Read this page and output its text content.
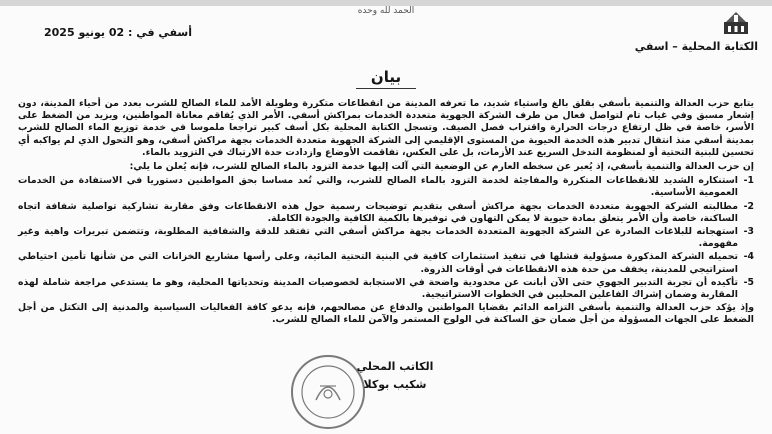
الحمد لله وحده
الكتابة المحلية – اسفي
أسفي في : 02 يونيو 2025
بيان

يتابع حزب العدالة والتنمية بأسفي بقلق بالغ واستياء شديد، ما تعرفه المدينة من انقطاعات متكررة وطويلة الأمد للماء الصالح للشرب بعدد من أحياء المدينة، دون إشعار مسبق وفي غياب تام لتواصل فعال من طرف الشركة الجهوية متعددة الخدمات بمراكش أسفي. الأمر الذي يُفاقم معاناة المواطنين، ويزيد من الضغط على الأسر، خاصة في ظل ارتفاع درجات الحرارة واقتراب فصل الصيف. وتسجل الكتابة المحلية بكل أسف كبير تراجعا ملموسا في خدمة توزيع الماء الصالح للشرب بمدينة أسفي منذ انتقال تدبير هذه الخدمة الحيوية من المستوى الإقليمي إلى الشركة الجهوية متعددة الخدمات بجهة مراكش أسفي، وهو التحول الذي لم يواكبه أي تحسين للبنية التحتية أو لمنظومة التدخل السريع عند الأزمات، بل على العكس، تفاقمت الأوضاع وازدادت حدة الارتباك في التزويد بالماء.

إن حزب العدالة والتنمية بأسفي، إذ يُعبر عن سخطه العارم عن الوضعية التي آلت إليها خدمة التزود بالماء الصالح للشرب، فإنه يُعلن ما يلي:

1-
استنكاره الشديد للانقطاعات المتكررة والمفاجئة لخدمة التزود بالماء الصالح للشرب، والتي تُعد مساسا بحق المواطنين دستوريا في الاستفادة من الخدمات العمومية الأساسية.
2-
مطالبته الشركة الجهوية متعددة الخدمات بجهة مراكش أسفي بتقديم توضيحات رسمية حول هذه الانقطاعات وفق مقاربة تشاركية تواصلية شفافة اتجاه الساكنة، خاصة وأن الأمر يتعلق بمادة حيوية لا يمكن التهاون في توفيرها بالكمية الكافية والجودة الكاملة.
3-
استهجانه للبلاغات الصادرة عن الشركة الجهوية المتعددة الخدمات بجهة مراكش أسفي التي تفتقد للدقة والشفافية المطلوبة، وتتضمن تبريرات واهية وغير مفهومة.
4-
تحميله الشركة المذكورة مسؤولية فشلها في تنفيذ استثمارات كافية في البنية التحتية المائية، وعلى رأسها مشاريع الخزانات التي من شأنها تأمين احتياطي استراتيجي للمدينة، يخفف من حدة هذه الانقطاعات في أوقات الذروة.
5-
تأكيده أن تجربة التدبير الجهوي حتى الآن أبانت عن محدودية واضحة في الاستجابة لخصوصيات المدينة وتحدياتها المحلية، وهو ما يستدعي مراجعة شاملة لهذه المقاربة وضمان إشراك الفاعلين المحليين في الخطوات الاستراتيجية.

وإذ يؤكد حزب العدالة والتنمية بأسفي التزامه الدائم بقضايا المواطنين والدفاع عن مصالحهم، فإنه يدعو كافة الفعاليات السياسية والمدنية إلى التكتل من أجل الضغط على الجهات المسؤولة من أجل ضمان حق الساكنة في الولوج المستمر والآمن للماء الصالح للشرب.

الكاتب المحلي
شكيب بوكلا
